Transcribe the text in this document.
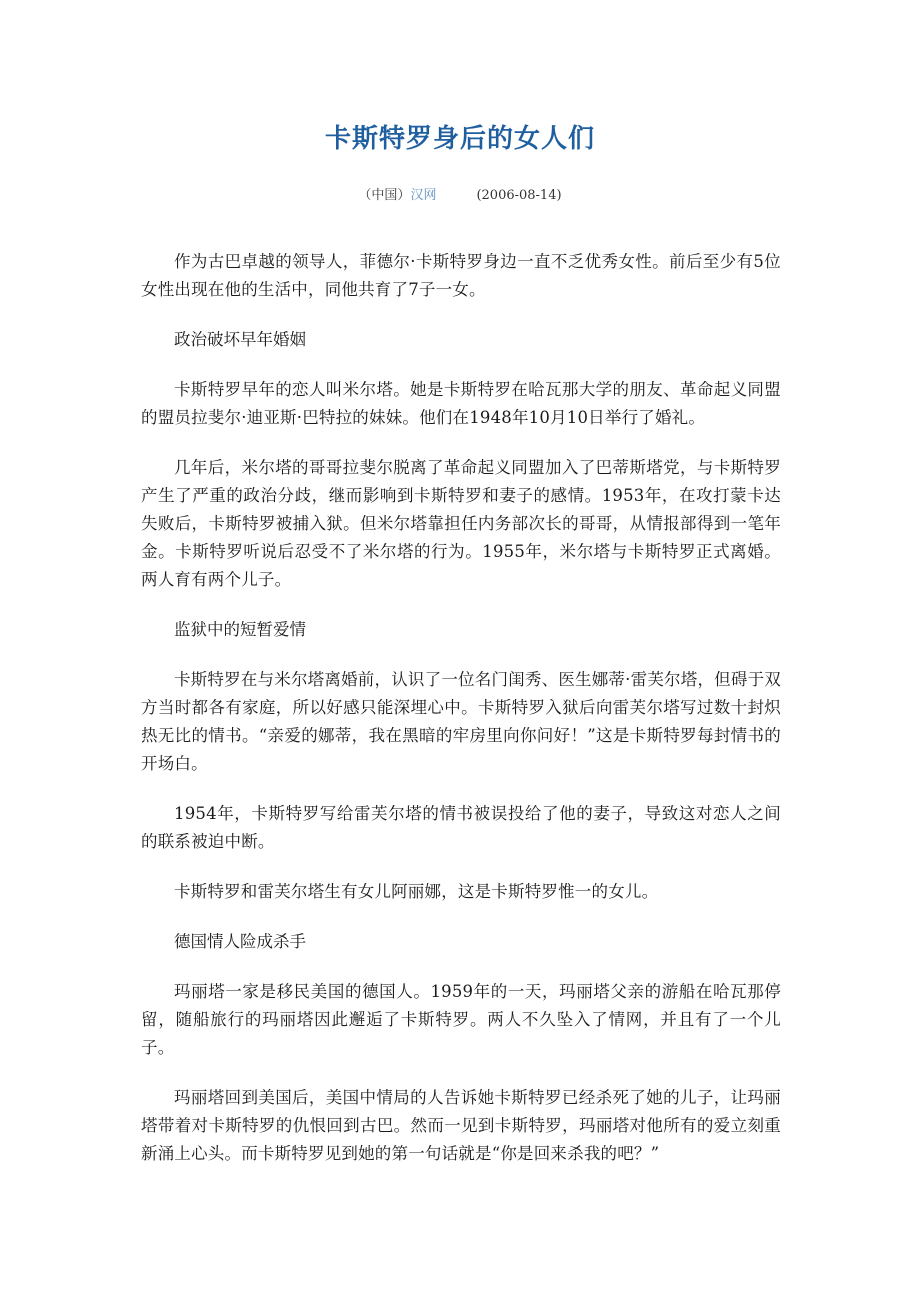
卡斯特罗身后的女人们

（中国）汉网	(2006-08-14)

作为古巴卓越的领导人，菲德尔·卡斯特罗身边一直不乏优秀女性。前后至少有5位女性出现在他的生活中，同他共育了7子一女。

政治破坏早年婚姻

卡斯特罗早年的恋人叫米尔塔。她是卡斯特罗在哈瓦那大学的朋友、革命起义同盟的盟员拉斐尔·迪亚斯·巴特拉的妹妹。他们在1948年10月10日举行了婚礼。

几年后，米尔塔的哥哥拉斐尔脱离了革命起义同盟加入了巴蒂斯塔党，与卡斯特罗产生了严重的政治分歧，继而影响到卡斯特罗和妻子的感情。1953年，在攻打蒙卡达失败后，卡斯特罗被捕入狱。但米尔塔靠担任内务部次长的哥哥，从情报部得到一笔年金。卡斯特罗听说后忍受不了米尔塔的行为。1955年，米尔塔与卡斯特罗正式离婚。两人育有两个儿子。

监狱中的短暂爱情

卡斯特罗在与米尔塔离婚前，认识了一位名门闺秀、医生娜蒂·雷芙尔塔，但碍于双方当时都各有家庭，所以好感只能深埋心中。卡斯特罗入狱后向雷芙尔塔写过数十封炽热无比的情书。“亲爱的娜蒂，我在黑暗的牢房里向你问好！”这是卡斯特罗每封情书的开场白。

1954年，卡斯特罗写给雷芙尔塔的情书被误投给了他的妻子，导致这对恋人之间的联系被迫中断。

卡斯特罗和雷芙尔塔生有女儿阿丽娜，这是卡斯特罗惟一的女儿。

德国情人险成杀手

玛丽塔一家是移民美国的德国人。1959年的一天，玛丽塔父亲的游船在哈瓦那停留，随船旅行的玛丽塔因此邂逅了卡斯特罗。两人不久坠入了情网，并且有了一个儿子。

玛丽塔回到美国后，美国中情局的人告诉她卡斯特罗已经杀死了她的儿子，让玛丽塔带着对卡斯特罗的仇恨回到古巴。然而一见到卡斯特罗，玛丽塔对他所有的爱立刻重新涌上心头。而卡斯特罗见到她的第一句话就是“你是回来杀我的吧？”
